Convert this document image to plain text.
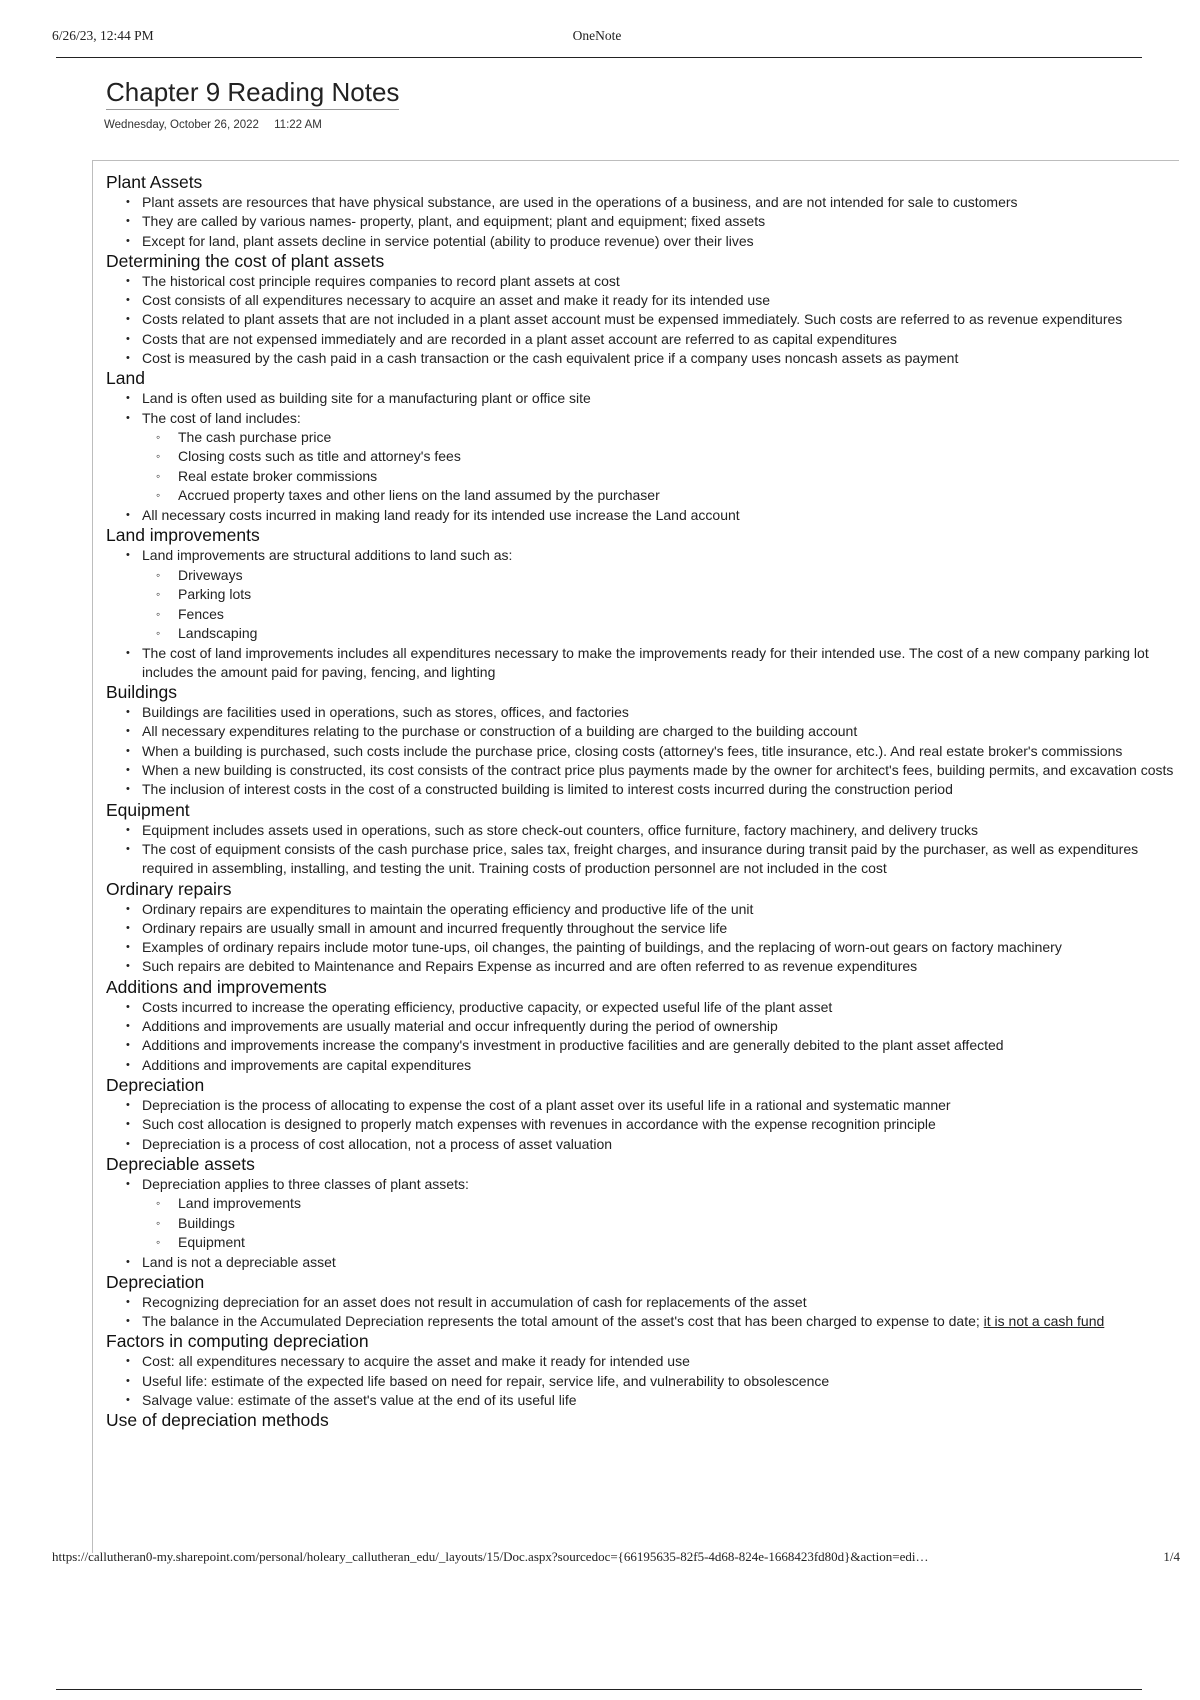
6/26/23, 12:44 PM	OneNote
Chapter 9 Reading Notes
Wednesday, October 26, 2022 11:22 AM
Plant Assets
• Plant assets are resources that have physical substance, are used in the operations of a business, and are not intended for sale to customers
• They are called by various names- property, plant, and equipment; plant and equipment; fixed assets
• Except for land, plant assets decline in service potential (ability to produce revenue) over their lives
Determining the cost of plant assets
• The historical cost principle requires companies to record plant assets at cost
• Cost consists of all expenditures necessary to acquire an asset and make it ready for its intended use
• Costs related to plant assets that are not included in a plant asset account must be expensed immediately. Such costs are referred to as revenue expenditures
• Costs that are not expensed immediately and are recorded in a plant asset account are referred to as capital expenditures
• Cost is measured by the cash paid in a cash transaction or the cash equivalent price if a company uses noncash assets as payment
Land
• Land is often used as building site for a manufacturing plant or office site
• The cost of land includes:
◦ The cash purchase price
◦ Closing costs such as title and attorney's fees
◦ Real estate broker commissions
◦ Accrued property taxes and other liens on the land assumed by the purchaser
• All necessary costs incurred in making land ready for its intended use increase the Land account
Land improvements
• Land improvements are structural additions to land such as:
◦ Driveways
◦ Parking lots
◦ Fences
◦ Landscaping
• The cost of land improvements includes all expenditures necessary to make the improvements ready for their intended use. The cost of a new company parking lot includes the amount paid for paving, fencing, and lighting
Buildings
• Buildings are facilities used in operations, such as stores, offices, and factories
• All necessary expenditures relating to the purchase or construction of a building are charged to the building account
• When a building is purchased, such costs include the purchase price, closing costs (attorney's fees, title insurance, etc.). And real estate broker's commissions
• When a new building is constructed, its cost consists of the contract price plus payments made by the owner for architect's fees, building permits, and excavation costs
• The inclusion of interest costs in the cost of a constructed building is limited to interest costs incurred during the construction period
Equipment
• Equipment includes assets used in operations, such as store check-out counters, office furniture, factory machinery, and delivery trucks
• The cost of equipment consists of the cash purchase price, sales tax, freight charges, and insurance during transit paid by the purchaser, as well as expenditures required in assembling, installing, and testing the unit. Training costs of production personnel are not included in the cost
Ordinary repairs
• Ordinary repairs are expenditures to maintain the operating efficiency and productive life of the unit
• Ordinary repairs are usually small in amount and incurred frequently throughout the service life
• Examples of ordinary repairs include motor tune-ups, oil changes, the painting of buildings, and the replacing of worn-out gears on factory machinery
• Such repairs are debited to Maintenance and Repairs Expense as incurred and are often referred to as revenue expenditures
Additions and improvements
• Costs incurred to increase the operating efficiency, productive capacity, or expected useful life of the plant asset
• Additions and improvements are usually material and occur infrequently during the period of ownership
• Additions and improvements increase the company's investment in productive facilities and are generally debited to the plant asset affected
• Additions and improvements are capital expenditures
Depreciation
• Depreciation is the process of allocating to expense the cost of a plant asset over its useful life in a rational and systematic manner
• Such cost allocation is designed to properly match expenses with revenues in accordance with the expense recognition principle
• Depreciation is a process of cost allocation, not a process of asset valuation
Depreciable assets
• Depreciation applies to three classes of plant assets:
◦ Land improvements
◦ Buildings
◦ Equipment
• Land is not a depreciable asset
Depreciation
• Recognizing depreciation for an asset does not result in accumulation of cash for replacements of the asset
• The balance in the Accumulated Depreciation represents the total amount of the asset's cost that has been charged to expense to date; it is not a cash fund
Factors in computing depreciation
• Cost: all expenditures necessary to acquire the asset and make it ready for intended use
• Useful life: estimate of the expected life based on need for repair, service life, and vulnerability to obsolescence
• Salvage value: estimate of the asset's value at the end of its useful life
Use of depreciation methods
https://callutheran0-my.sharepoint.com/personal/holeary_callutheran_edu/_layouts/15/Doc.aspx?sourcedoc={66195635-82f5-4d68-824e-1668423fd80d}&action=edi…	1/4
